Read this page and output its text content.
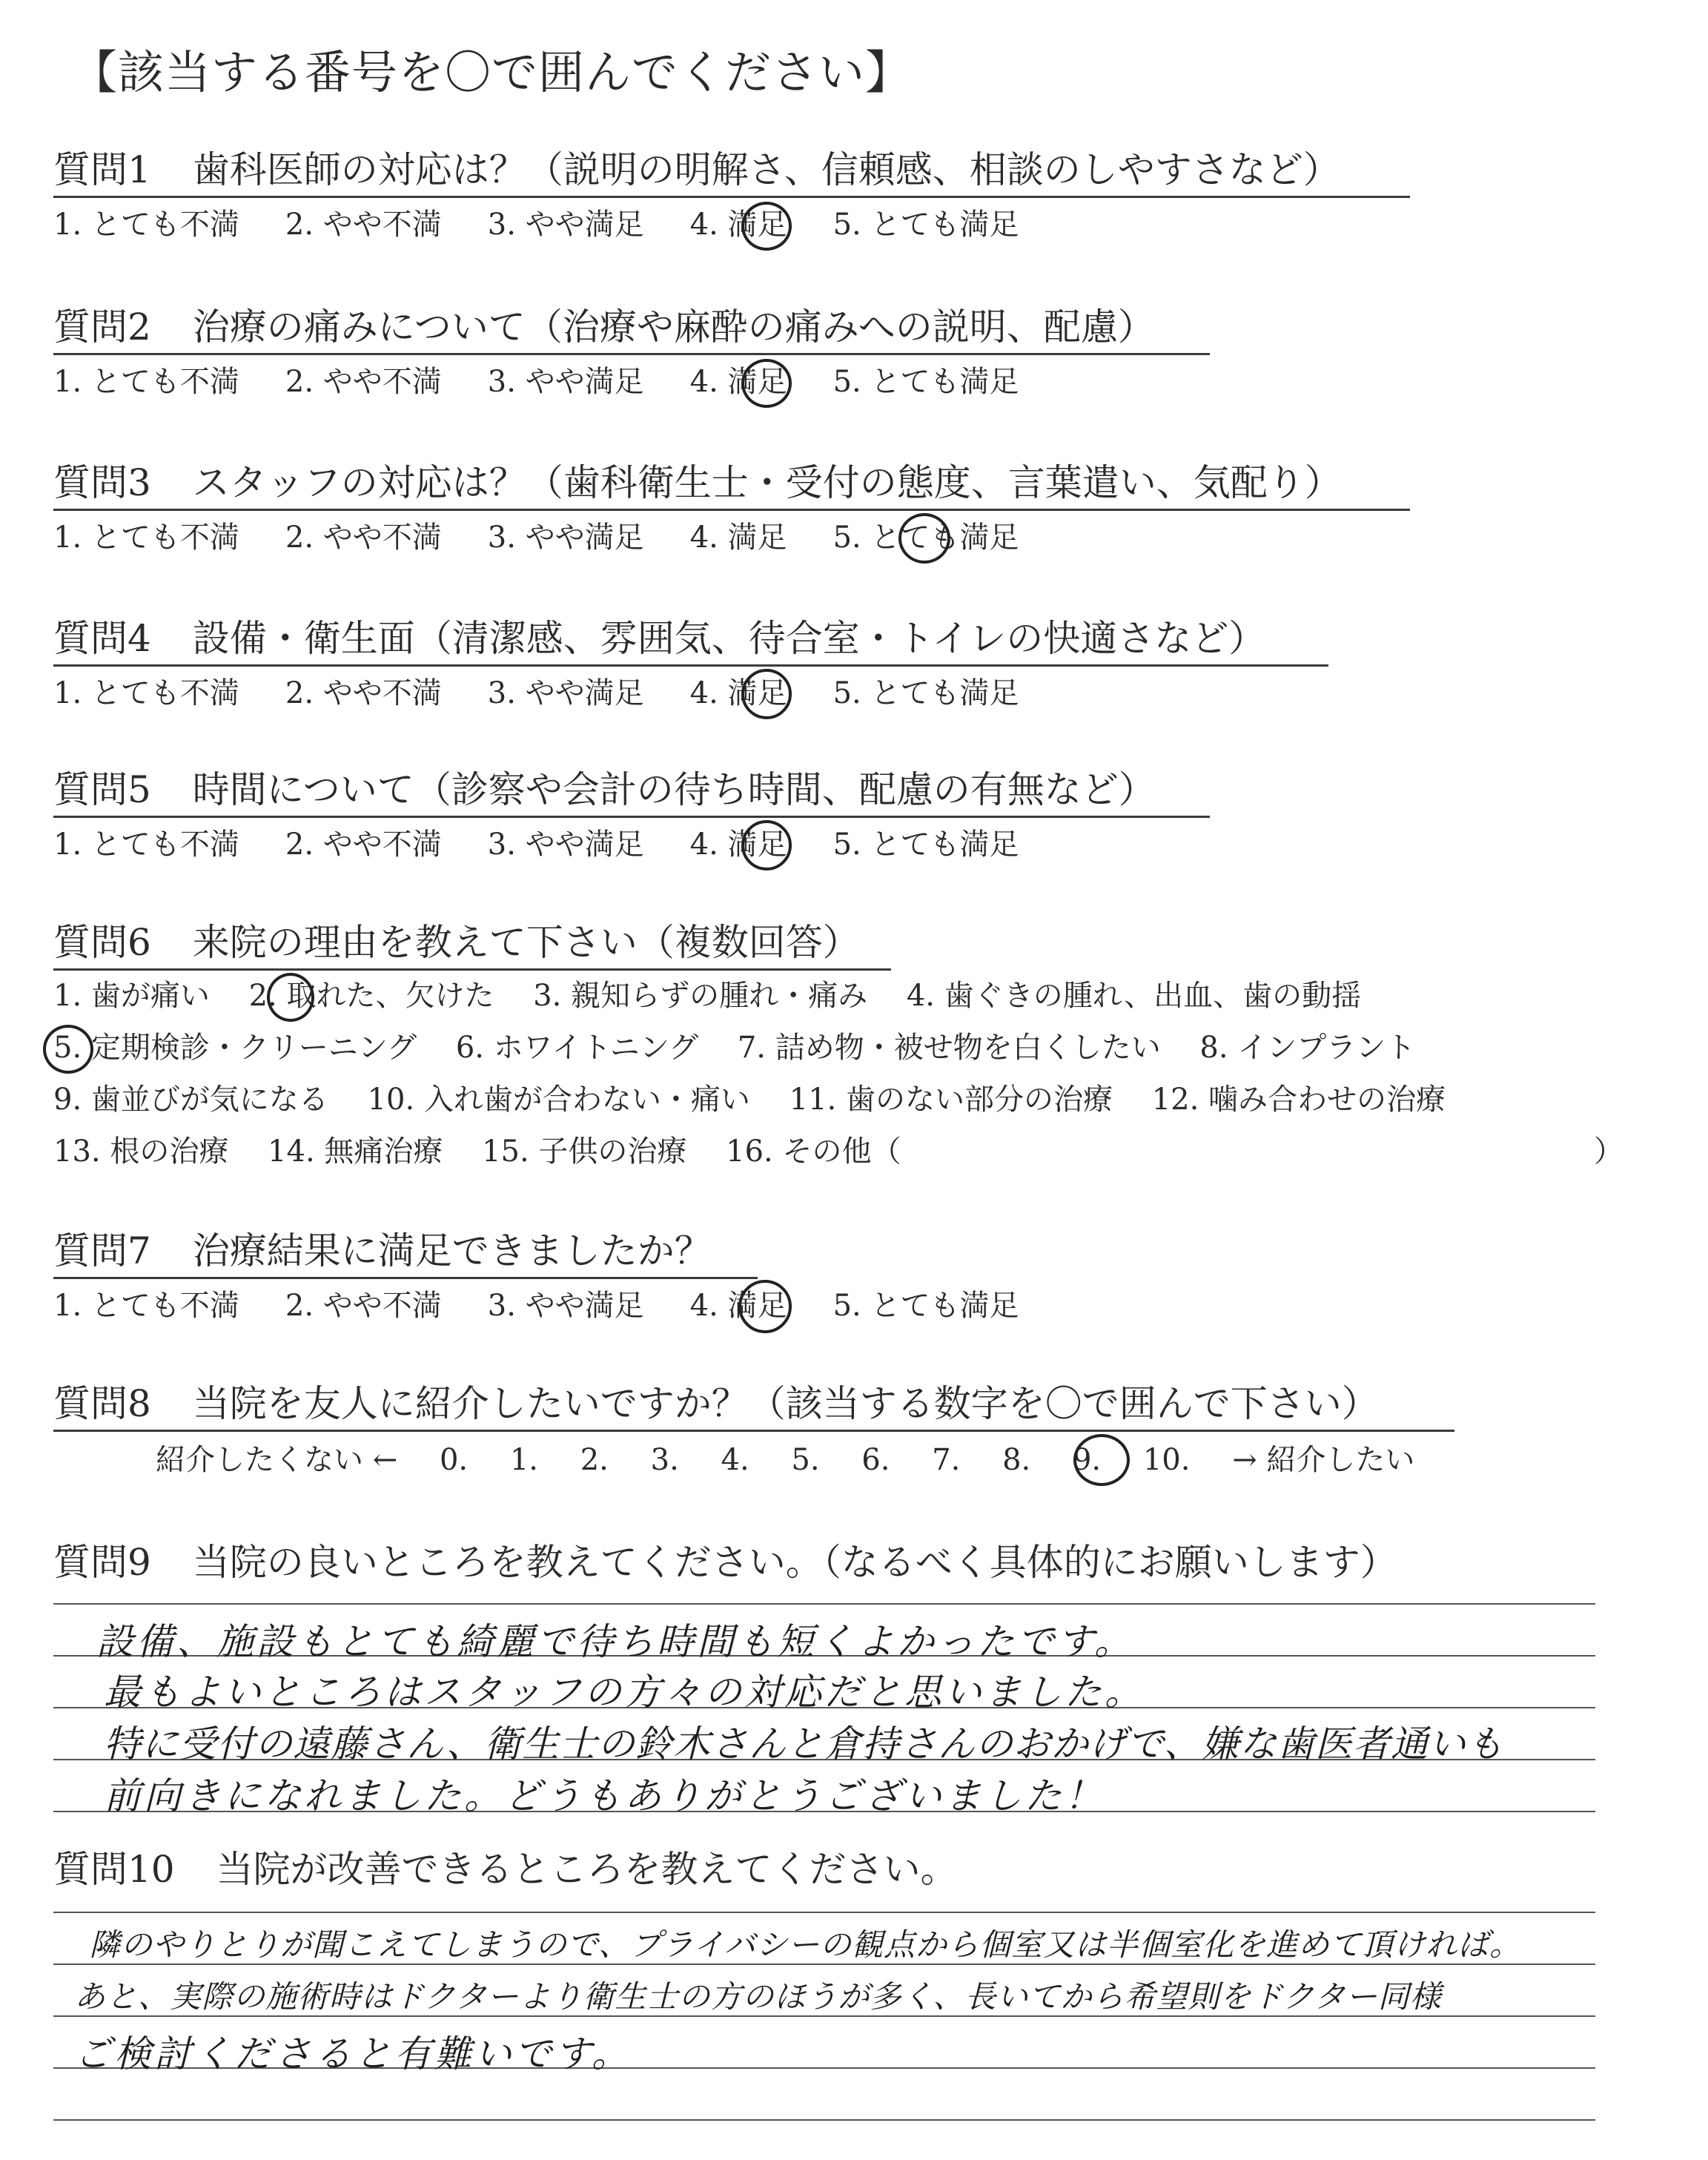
【該当する番号を〇で囲んでください】
質問1 歯科医師の対応は？（説明の明解さ、信頼感、相談のしやすさなど）
1. とても不満 2. やや不満 3. やや満足 4. 満足 5. とても満足
質問2 治療の痛みについて（治療や麻酔の痛みへの説明、配慮）
1. とても不満 2. やや不満 3. やや満足 4. 満足 5. とても満足
質問3 スタッフの対応は？（歯科衛生士・受付の態度、言葉遣い、気配り）
1. とても不満 2. やや不満 3. やや満足 4. 満足 5. とても満足
質問4 設備・衛生面（清潔感、雰囲気、待合室・トイレの快適さなど）
1. とても不満 2. やや不満 3. やや満足 4. 満足 5. とても満足
質問5 時間について（診察や会計の待ち時間、配慮の有無など）
1. とても不満 2. やや不満 3. やや満足 4. 満足 5. とても満足
質問6 来院の理由を教えて下さい（複数回答）
1. 歯が痛い 2. 取れた、欠けた 3. 親知らずの腫れ・痛み 4. 歯ぐきの腫れ、出血、歯の動揺
5. 定期検診・クリーニング 6. ホワイトニング 7. 詰め物・被せ物を白くしたい 8. インプラント
9. 歯並びが気になる 10. 入れ歯が合わない・痛い 11. 歯のない部分の治療 12. 噛み合わせの治療
13. 根の治療 14. 無痛治療 15. 子供の治療 16. その他（	）
質問7 治療結果に満足できましたか？
1. とても不満 2. やや不満 3. やや満足 4. 満足 5. とても満足
質問8 当院を友人に紹介したいですか？（該当する数字を〇で囲んで下さい）
紹介したくない ← 0. 1. 2. 3. 4. 5. 6. 7. 8. 9. 10. → 紹介したい
質問9 当院の良いところを教えてください。（なるべく具体的にお願いします）
設備、施設もとても綺麗で待ち時間も短くよかったです。
最もよいところはスタッフの方々の対応だと思いました。
特に受付の遠藤さん、衛生士の鈴木さんと倉持さんのおかげで、嫌な歯医者通いも
前向きになれました。どうもありがとうございました！
質問10 当院が改善できるところを教えてください。
隣のやりとりが聞こえてしまうので、プライバシーの観点から個室又は半個室化を進めて頂ければ。
あと、実際の施術時はドクターより衛生士の方のほうが多く、長いてから希望則をドクター同様
ご検討くださると有難いです。
